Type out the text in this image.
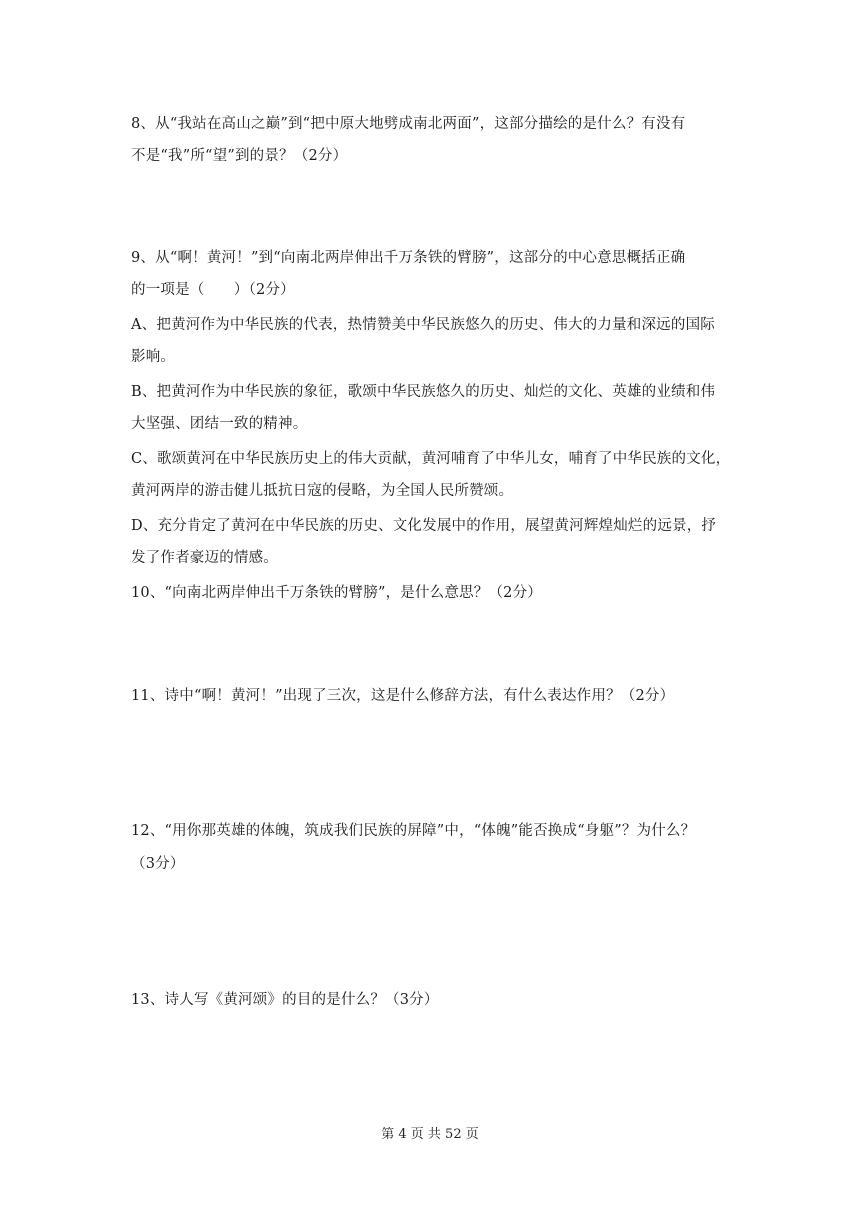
8、从“我站在高山之巅”到“把中原大地劈成南北两面”，这部分描绘的是什么？有没有
不是“我”所“望”到的景？（2分）
9、从“啊！黄河！”到“向南北两岸伸出千万条铁的臂膀”，这部分的中心意思概括正确
的一项是（　　）（2分）
A、把黄河作为中华民族的代表，热情赞美中华民族悠久的历史、伟大的力量和深远的国际
影响。
B、把黄河作为中华民族的象征，歌颂中华民族悠久的历史、灿烂的文化、英雄的业绩和伟
大坚强、团结一致的精神。
C、歌颂黄河在中华民族历史上的伟大贡献，黄河哺育了中华儿女，哺育了中华民族的文化，
黄河两岸的游击健儿抵抗日寇的侵略，为全国人民所赞颂。
D、充分肯定了黄河在中华民族的历史、文化发展中的作用，展望黄河辉煌灿烂的远景，抒
发了作者豪迈的情感。
10、“向南北两岸伸出千万条铁的臂膀”，是什么意思？（2分）
11、诗中“啊！黄河！”出现了三次，这是什么修辞方法，有什么表达作用？（2分）
12、“用你那英雄的体魄，筑成我们民族的屏障”中，“体魄”能否换成“身躯”？为什么？
（3分）
13、诗人写《黄河颂》的目的是什么？（3分）
第 4 页 共 52 页
